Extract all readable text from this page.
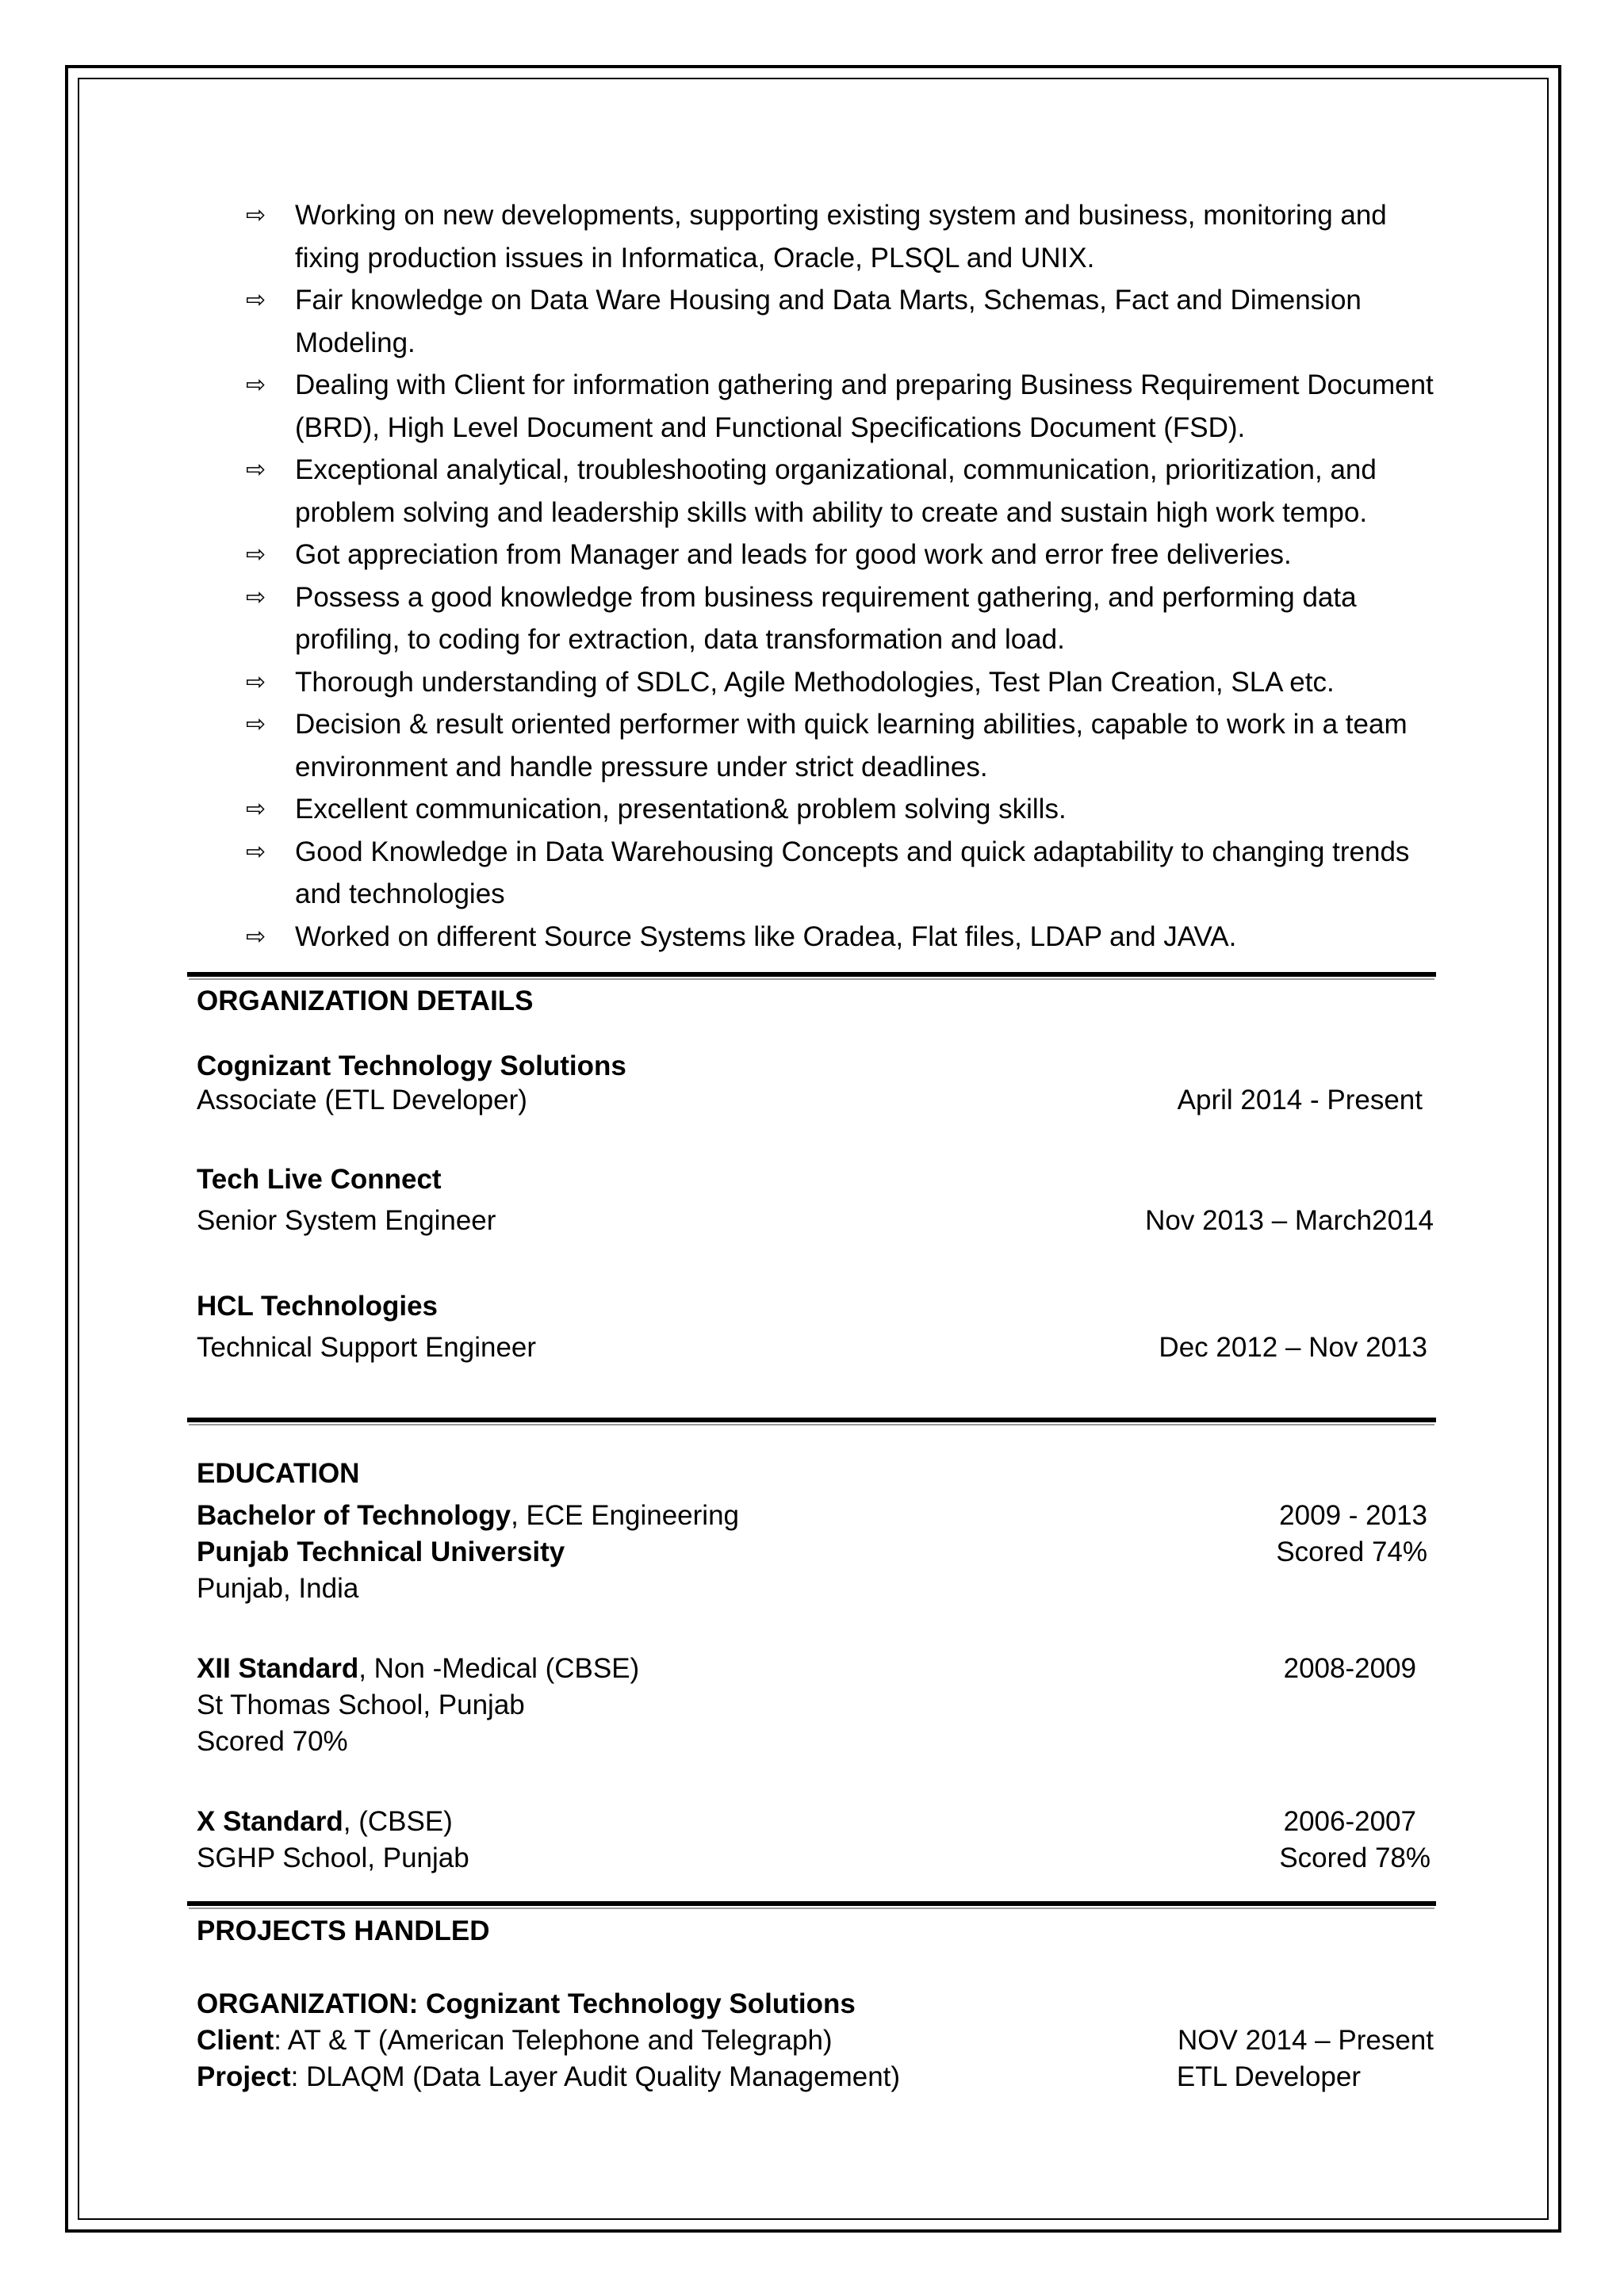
⇨ Working on new developments, supporting existing system and business, monitoring and fixing production issues in Informatica, Oracle, PLSQL and UNIX.
⇨ Fair knowledge on Data Ware Housing and Data Marts, Schemas, Fact and Dimension Modeling.
⇨ Dealing with Client for information gathering and preparing Business Requirement Document (BRD), High Level Document and Functional Specifications Document (FSD).
⇨ Exceptional analytical, troubleshooting organizational, communication, prioritization, and problem solving and leadership skills with ability to create and sustain high work tempo.
⇨ Got appreciation from Manager and leads for good work and error free deliveries.
⇨ Possess a good knowledge from business requirement gathering, and performing data profiling, to coding for extraction, data transformation and load.
⇨ Thorough understanding of SDLC, Agile Methodologies, Test Plan Creation, SLA etc.
⇨ Decision & result oriented performer with quick learning abilities, capable to work in a team environment and handle pressure under strict deadlines.
⇨ Excellent communication, presentation& problem solving skills.
⇨ Good Knowledge in Data Warehousing Concepts and quick adaptability to changing trends and technologies
⇨ Worked on different Source Systems like Oradea, Flat files, LDAP and JAVA.
ORGANIZATION DETAILS
Cognizant Technology Solutions
Associate (ETL Developer)	April 2014 - Present
Tech Live Connect
Senior System Engineer	Nov 2013 – March2014
HCL Technologies
Technical Support Engineer	Dec 2012 – Nov 2013
EDUCATION
Bachelor of Technology, ECE Engineering	2009 - 2013
Punjab Technical University	Scored 74%
Punjab, India
XII Standard, Non -Medical (CBSE)	2008-2009
St Thomas School, Punjab
Scored 70%
X Standard, (CBSE)	2006-2007
SGHP School, Punjab	Scored 78%
PROJECTS HANDLED
ORGANIZATION: Cognizant Technology Solutions
Client: AT & T (American Telephone and Telegraph)	NOV 2014 – Present
Project: DLAQM (Data Layer Audit Quality Management)	ETL Developer
